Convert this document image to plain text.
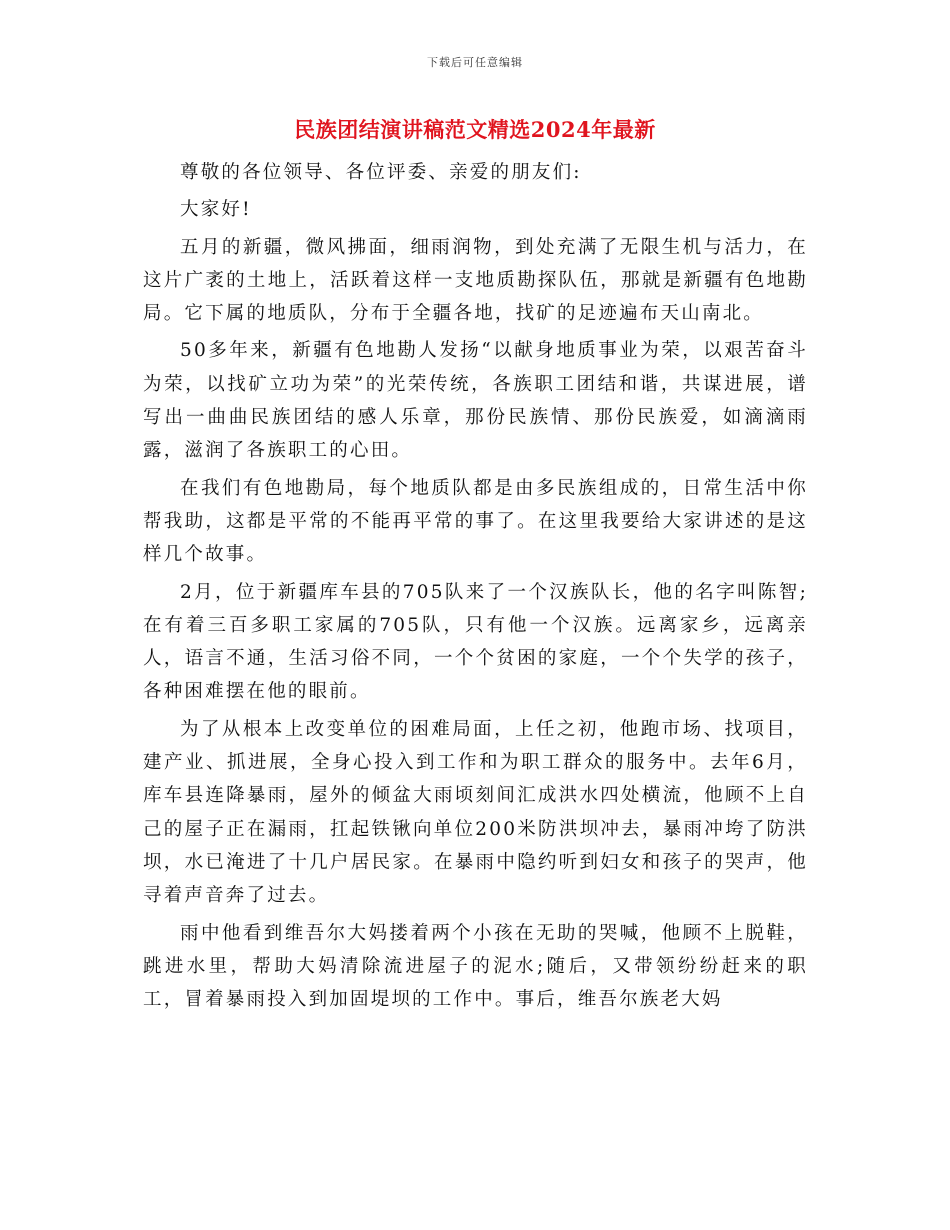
下载后可任意编辑
民族团结演讲稿范文精选2024年最新

尊敬的各位领导、各位评委、亲爱的朋友们:

大家好!

五月的新疆，微风拂面，细雨润物，到处充满了无限生机与活力，在这片广袤的土地上，活跃着这样一支地质勘探队伍，那就是新疆有色地勘局。它下属的地质队，分布于全疆各地，找矿的足迹遍布天山南北。

50多年来，新疆有色地勘人发扬“以献身地质事业为荣，以艰苦奋斗为荣，以找矿立功为荣”的光荣传统，各族职工团结和谐，共谋进展，谱写出一曲曲民族团结的感人乐章，那份民族情、那份民族爱，如滴滴雨露，滋润了各族职工的心田。

在我们有色地勘局，每个地质队都是由多民族组成的，日常生活中你帮我助，这都是平常的不能再平常的事了。在这里我要给大家讲述的是这样几个故事。

2月，位于新疆库车县的705队来了一个汉族队长，他的名字叫陈智;在有着三百多职工家属的705队，只有他一个汉族。远离家乡，远离亲人，语言不通，生活习俗不同，一个个贫困的家庭，一个个失学的孩子，各种困难摆在他的眼前。

为了从根本上改变单位的困难局面，上任之初，他跑市场、找项目，建产业、抓进展，全身心投入到工作和为职工群众的服务中。去年6月，库车县连降暴雨，屋外的倾盆大雨顷刻间汇成洪水四处横流，他顾不上自己的屋子正在漏雨，扛起铁锹向单位200米防洪坝冲去，暴雨冲垮了防洪坝，水已淹进了十几户居民家。在暴雨中隐约听到妇女和孩子的哭声，他寻着声音奔了过去。

雨中他看到维吾尔大妈搂着两个小孩在无助的哭喊，他顾不上脱鞋，跳进水里，帮助大妈清除流进屋子的泥水;随后，又带领纷纷赶来的职工，冒着暴雨投入到加固堤坝的工作中。事后，维吾尔族老大妈
